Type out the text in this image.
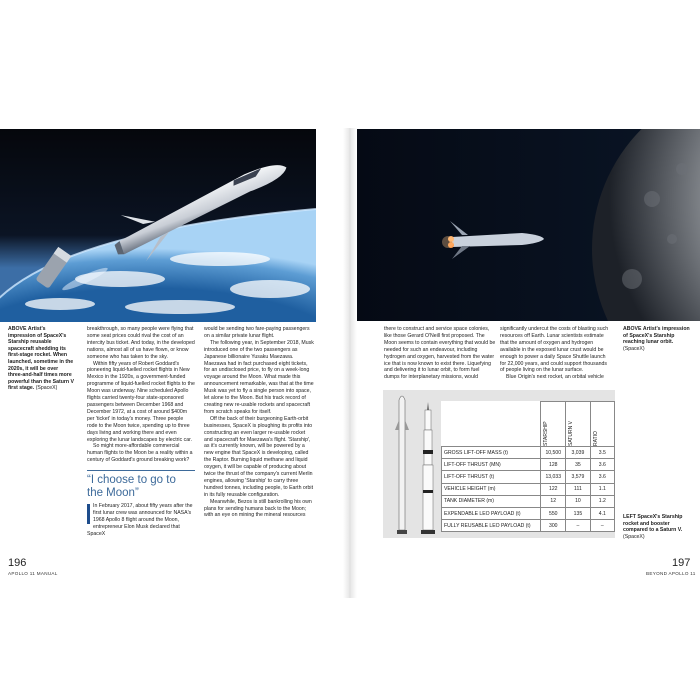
ABOVE Artist's impression of SpaceX's Starship reusable spacecraft shedding its first-stage rocket. When launched, sometime in the 2020s, it will be over three-and-half times more powerful than the Saturn V first stage. (SpaceX)

breakthrough, so many people were flying that some seat prices could rival the cost of an intercity bus ticket. And today, in the developed nations, almost all of us have flown, or know someone who has taken to the sky.

Within fifty years of Robert Goddard's pioneering liquid-fuelled rocket flights in New Mexico in the 1920s, a government-funded programme of liquid-fuelled rocket flights to the Moon was underway. Nine scheduled Apollo flights carried twenty-four state-sponsored passengers between December 1968 and December 1972, at a cost of around $400m per 'ticket' in today's money. Three people rode to the Moon twice, spending up to three days living and working there and even exploring the lunar landscapes by electric car.

So might more-affordable commercial human flights to the Moon be a reality within a century of Goddard's ground breaking work?

“I choose to go to the Moon”

In February 2017, about fifty years after the first lunar crew was announced for NASA's 1968 Apollo 8 flight around the Moon, entrepreneur Elon Musk declared that SpaceX

would be sending two fare-paying passengers on a similar private lunar flight.

The following year, in September 2018, Musk introduced one of the two passengers as Japanese billionaire Yusaku Maezawa. Maezawa had in fact purchased eight tickets, for an undisclosed price, to fly on a week-long voyage around the Moon. What made this announcement remarkable, was that at the time Musk was yet to fly a single person into space, let alone to the Moon. But his track record of creating new re-usable rockets and spacecraft from scratch speaks for itself.

Off the back of their burgeoning Earth-orbit businesses, SpaceX is ploughing its profits into constructing an even larger re-usable rocket and spacecraft for Maezawa's flight. 'Starship', as it's currently known, will be powered by a new engine that SpaceX is developing, called the Raptor. Burning liquid methane and liquid oxygen, it will be capable of producing about twice the thrust of the company's current Merlin engines, allowing 'Starship' to carry three hundred tonnes, including people, to Earth orbit in its fully reusable configuration.

Meanwhile, Bezos is still bankrolling his own plans for sending humans back to the Moon; with an eye on mining the mineral resources

196
APOLLO 11 MANUAL

there to construct and service space colonies, like those Gerard O'Neill first proposed. The Moon seems to contain everything that would be needed for such an endeavour, including hydrogen and oxygen, harvested from the water ice that is now known to exist there. Liquefying and delivering it to lunar orbit, to form fuel dumps for interplanetary missions, would

significantly undercut the costs of blasting such resources off Earth. Lunar scientists estimate that the amount of oxygen and hydrogen available in the exposed lunar crust would be enough to power a daily Space Shuttle launch for 22,000 years, and could support thousands of people living on the lunar surface.

Blue Origin's next rocket, an orbital vehicle

ABOVE Artist's impression of SpaceX's Starship reaching lunar orbit. (SpaceX)

	STARSHIP	SATURN V	RATIO

GROSS LIFT-OFF MASS (t)	10,500	3,039	3.5
LIFT-OFF THRUST (MN)	128	35	3.6
LIFT-OFF THRUST (t)	13,033	3,579	3.6
VEHICLE HEIGHT (m)	122	111	1.1
TANK DIAMETER (m)	12	10	1.2
EXPENDABLE LEO PAYLOAD (t)	550	135	4.1
FULLY REUSABLE LEO PAYLOAD (t)	300	–	–
LEFT SpaceX's Starship rocket and booster compared to a Saturn V. (SpaceX)
197
BEYOND APOLLO 11
